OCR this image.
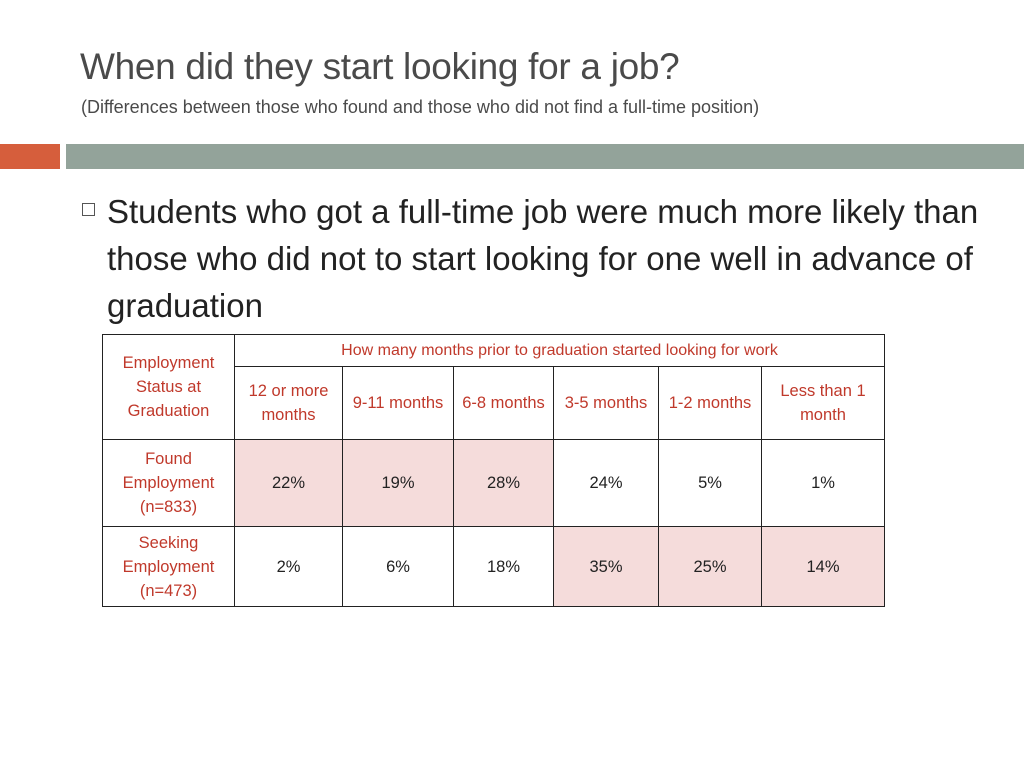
When did they start looking for a job?
(Differences between those who found and those who did not find a full-time position)
Students who got a full-time job were much more likely than those who did not to start looking for one well in advance of graduation
Employment Status at Graduation	How many months prior to graduation started looking for work					
	12 or more months	9-11 months	6-8 months	3-5 months	1-2 months	Less than 1 month
Found Employment (n=833)	22%	19%	28%	24%	5%	1%
Seeking Employment (n=473)	2%	6%	18%	35%	25%	14%
